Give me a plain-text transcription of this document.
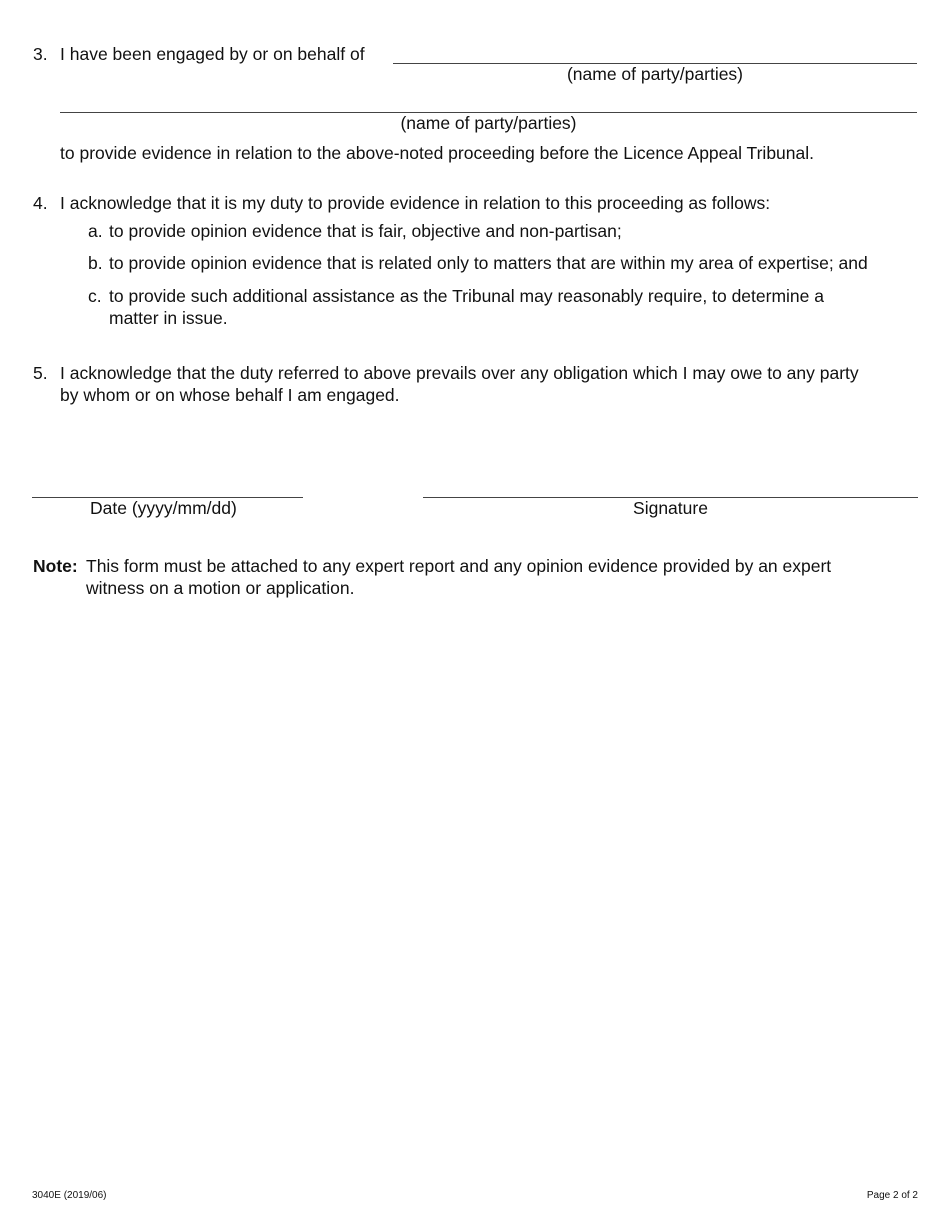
3. I have been engaged by or on behalf of
(name of party/parties)
(name of party/parties)
to provide evidence in relation to the above-noted proceeding before the Licence Appeal Tribunal.
4. I acknowledge that it is my duty to provide evidence in relation to this proceeding as follows:
a. to provide opinion evidence that is fair, objective and non-partisan;
b. to provide opinion evidence that is related only to matters that are within my area of expertise; and
c. to provide such additional assistance as the Tribunal may reasonably require, to determine a
matter in issue.
5. I acknowledge that the duty referred to above prevails over any obligation which I may owe to any party
by whom or on whose behalf I am engaged.
Date (yyyy/mm/dd)	Signature
Note: This form must be attached to any expert report and any opinion evidence provided by an expert
witness on a motion or application.
3040E (2019/06)	Page 2 of 2
